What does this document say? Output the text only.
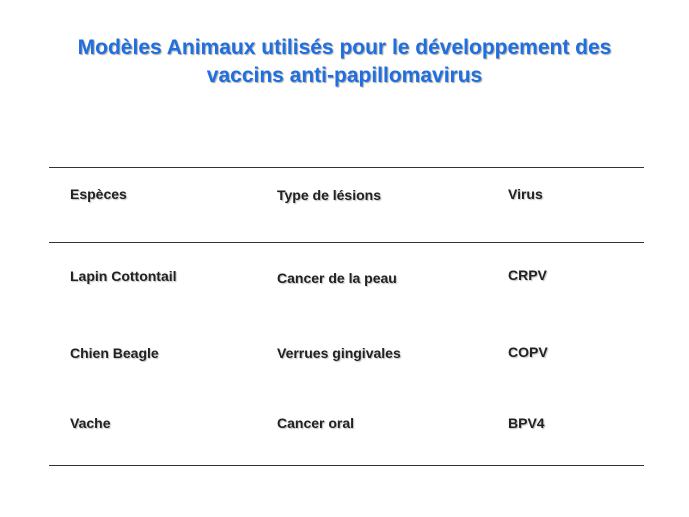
Modèles Animaux utilisés pour le développement des
vaccins anti-papillomavirus
Espèces	Type de lésions	Virus
Lapin Cottontail	Cancer de la peau	CRPV
Chien Beagle	Verrues gingivales	COPV
Vache	Cancer oral	BPV4
